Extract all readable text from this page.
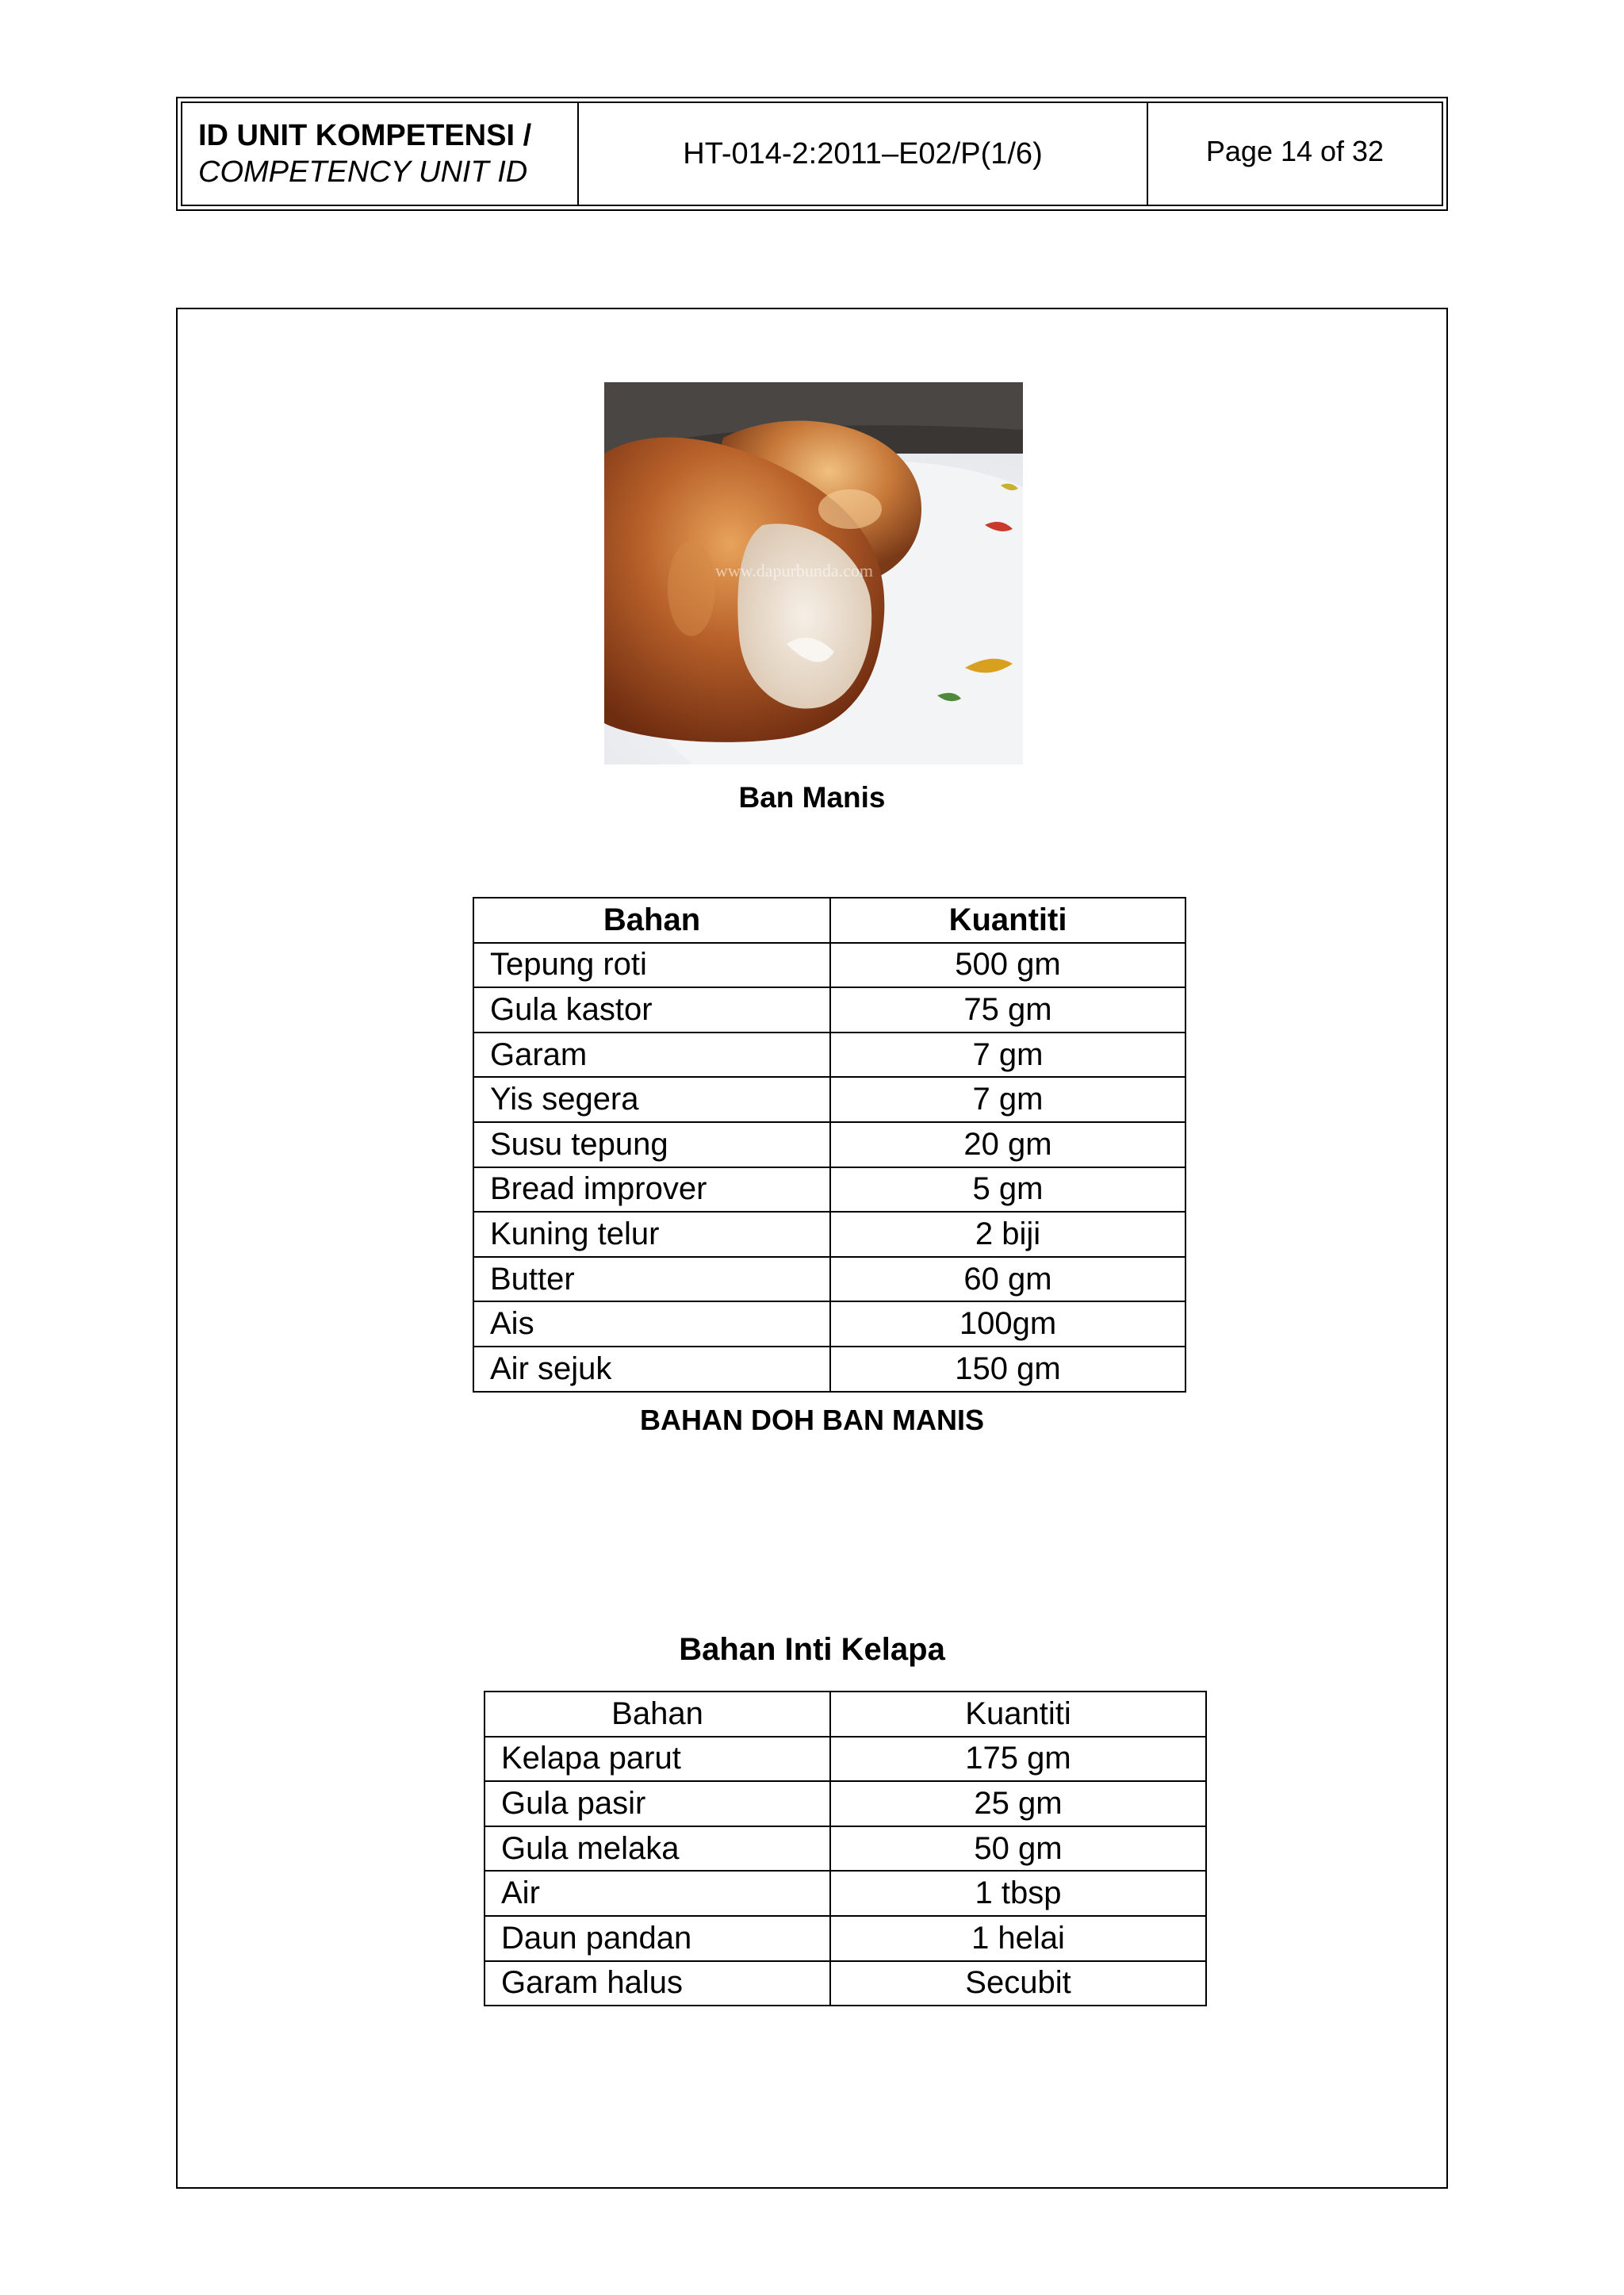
ID UNIT KOMPETENSI /
COMPETENCY UNIT ID
HT-014-2:2011–E02/P(1/6)	Page 14 of 32
www.dapurbunda.com
Ban Manis
Bahan	Kuantiti
Tepung roti	500 gm
Gula kastor	75 gm
Garam	7 gm
Yis segera	7 gm
Susu tepung	20 gm
Bread improver	5 gm
Kuning telur	2 biji
Butter	60 gm
Ais	100gm
Air sejuk	150 gm
BAHAN DOH BAN MANIS
Bahan Inti Kelapa
Bahan	Kuantiti
Kelapa parut	175 gm
Gula pasir	25 gm
Gula melaka	50 gm
Air	1 tbsp
Daun pandan	1 helai
Garam halus	Secubit
